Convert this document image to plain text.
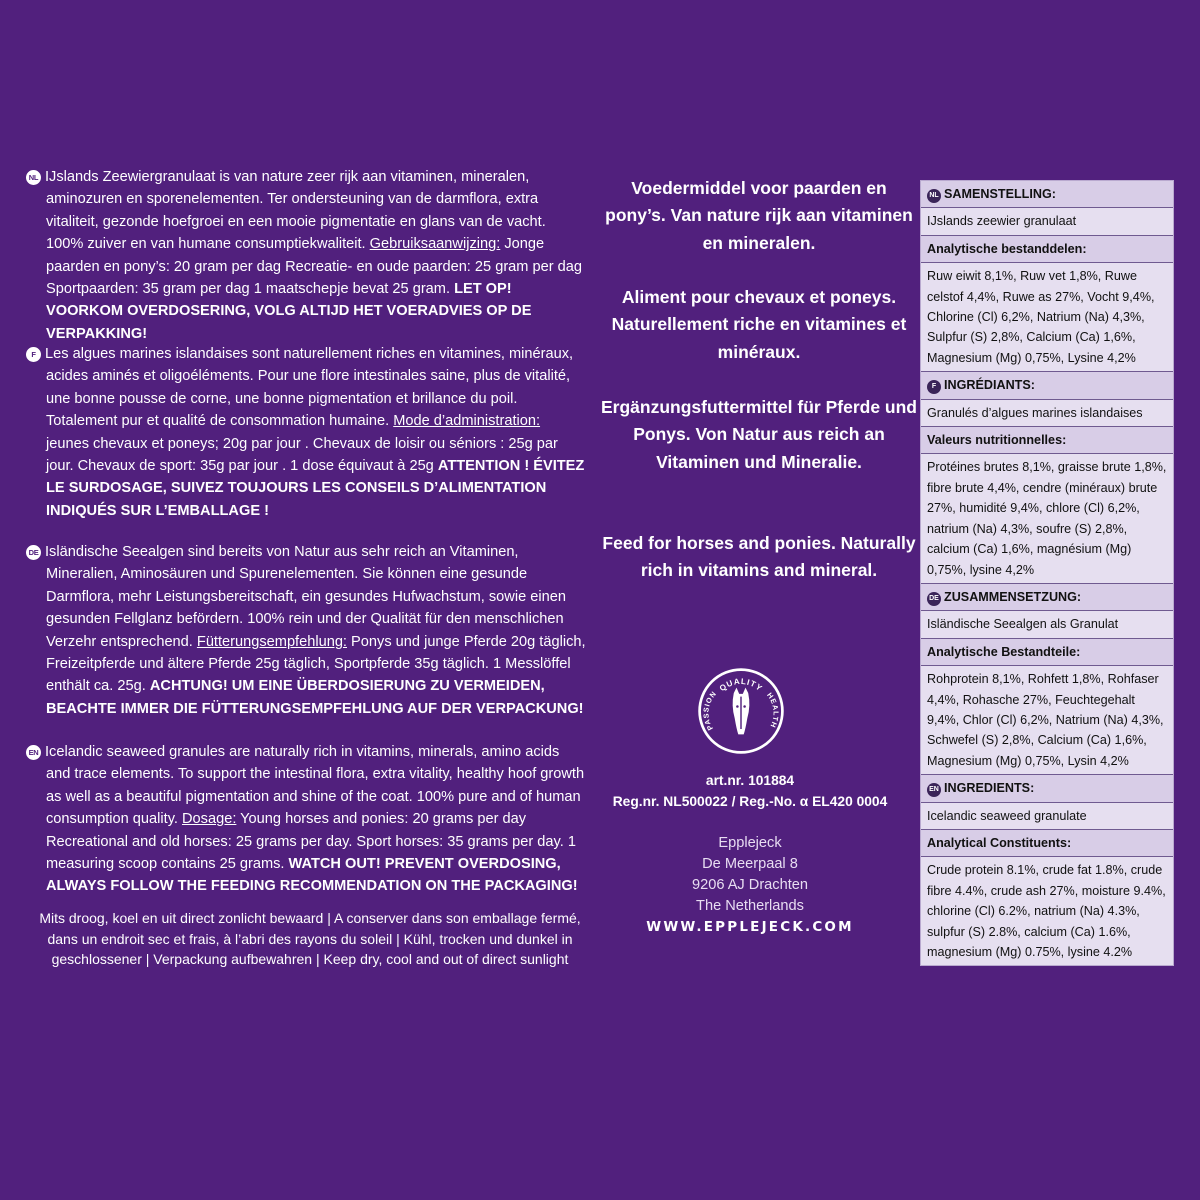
NL IJslands Zeewiergranulaat is van nature zeer rijk aan vitaminen, mineralen, aminozuren en sporenelementen. Ter ondersteuning van de darmflora, extra vitaliteit, gezonde hoefgroei en een mooie pigmentatie en glans van de vacht. 100% zuiver en van humane consumptiekwaliteit. Gebruiksaanwijzing: Jonge paarden en pony’s: 20 gram per dag Recreatie- en oude paarden: 25 gram per dag Sportpaarden: 35 gram per dag 1 maatschepje bevat 25 gram. LET OP! VOORKOM OVERDOSERING, VOLG ALTIJD HET VOERADVIES OP DE VERPAKKING!

F Les algues marines islandaises sont naturellement riches en vitamines, minéraux, acides aminés et oligoéléments. Pour une flore intestinales saine, plus de vitalité, une bonne pousse de corne, une bonne pigmentation et brillance du poil. Totalement pur et qualité de consommation humaine. Mode d’administration: jeunes chevaux et poneys; 20g par jour . Chevaux de loisir ou séniors : 25g par jour. Chevaux de sport: 35g par jour . 1 dose équivaut à 25g ATTENTION ! ÉVITEZ LE SURDOSAGE, SUIVEZ TOUJOURS LES CONSEILS D’ALIMENTATION INDIQUÉS SUR L’EMBALLAGE !

DE Isländische Seealgen sind bereits von Natur aus sehr reich an Vitaminen, Mineralien, Aminosäuren und Spurenelementen. Sie können eine gesunde Darmflora, mehr Leistungsbereitschaft, ein gesundes Hufwachstum, sowie einen gesunden Fellglanz befördern. 100% rein und der Qualität für den menschlichen Verzehr entsprechend. Fütterungsempfehlung: Ponys und junge Pferde 20g täglich, Freizeitpferde und ältere Pferde 25g täglich, Sportpferde 35g täglich. 1 Messlöffel enthält ca. 25g. ACHTUNG! UM EINE ÜBERDOSIERUNG ZU VERMEIDEN, BEACHTE IMMER DIE FÜTTERUNGSEMPFEHLUNG AUF DER VERPACKUNG!

EN Icelandic seaweed granules are naturally rich in vitamins, minerals, amino acids and trace elements. To support the intestinal flora, extra vitality, healthy hoof growth as well as a beautiful pigmentation and shine of the coat. 100% pure and of human consumption quality. Dosage: Young horses and ponies: 20 grams per day Recreational and old horses: 25 grams per day. Sport horses: 35 grams per day. 1 measuring scoop contains 25 grams. WATCH OUT! PREVENT OVERDOSING, ALWAYS FOLLOW THE FEEDING RECOMMENDATION ON THE PACKAGING!

Mits droog, koel en uit direct zonlicht bewaard | A conserver dans son emballage fermé, dans un endroit sec et frais, à l’abri des rayons du soleil | Kühl, trocken und dunkel in geschlossener | Verpackung aufbewahren | Keep dry, cool and out of direct sunlight
Voedermiddel voor paarden en pony’s. Van nature rijk aan vitaminen en mineralen.
Aliment pour chevaux et poneys. Naturellement riche en vitamines et minéraux.
Ergänzungsfuttermittel für Pferde und Ponys. Von Natur aus reich an Vitaminen und Mineralie.
Feed for horses and ponies. Naturally rich in vitamins and mineral.
QUALITY
HEALTH
PASSION
art.nr. 101884
Reg.nr. NL500022 / Reg.-No. α EL420 0004
Epplejeck
De Meerpaal 8
9206 AJ Drachten
The Netherlands
WWW.EPPLEJECK.COM
NL SAMENSTELLING:
IJslands zeewier granulaat
Analytische bestanddelen:
Ruw eiwit 8,1%, Ruw vet 1,8%, Ruwe celstof 4,4%, Ruwe as 27%, Vocht 9,4%, Chlorine (Cl) 6,2%, Natrium (Na) 4,3%, Sulpfur (S) 2,8%, Calcium (Ca) 1,6%, Magnesium (Mg) 0,75%, Lysine 4,2%
F INGRÉDIANTS:
Granulés d’algues marines islandaises
Valeurs nutritionnelles:
Protéines brutes 8,1%, graisse brute 1,8%, fibre brute 4,4%, cendre (minéraux) brute 27%, humidité 9,4%, chlore (Cl) 6,2%, natrium (Na) 4,3%, soufre (S) 2,8%, calcium (Ca) 1,6%, magnésium (Mg) 0,75%, lysine 4,2%
DE ZUSAMMENSETZUNG:
Isländische Seealgen als Granulat
Analytische Bestandteile:
Rohprotein 8,1%, Rohfett 1,8%, Rohfaser 4,4%, Rohasche 27%, Feuchtegehalt 9,4%, Chlor (Cl) 6,2%, Natrium (Na) 4,3%, Schwefel (S) 2,8%, Calcium (Ca) 1,6%, Magnesium (Mg) 0,75%, Lysin 4,2%
EN INGREDIENTS:
Icelandic seaweed granulate
Analytical Constituents:
Crude protein 8.1%, crude fat 1.8%, crude fibre 4.4%, crude ash 27%, moisture 9.4%, chlorine (Cl) 6.2%, natrium (Na) 4.3%, sulpfur (S) 2.8%, calcium (Ca) 1.6%, magnesium (Mg) 0.75%, lysine 4.2%
